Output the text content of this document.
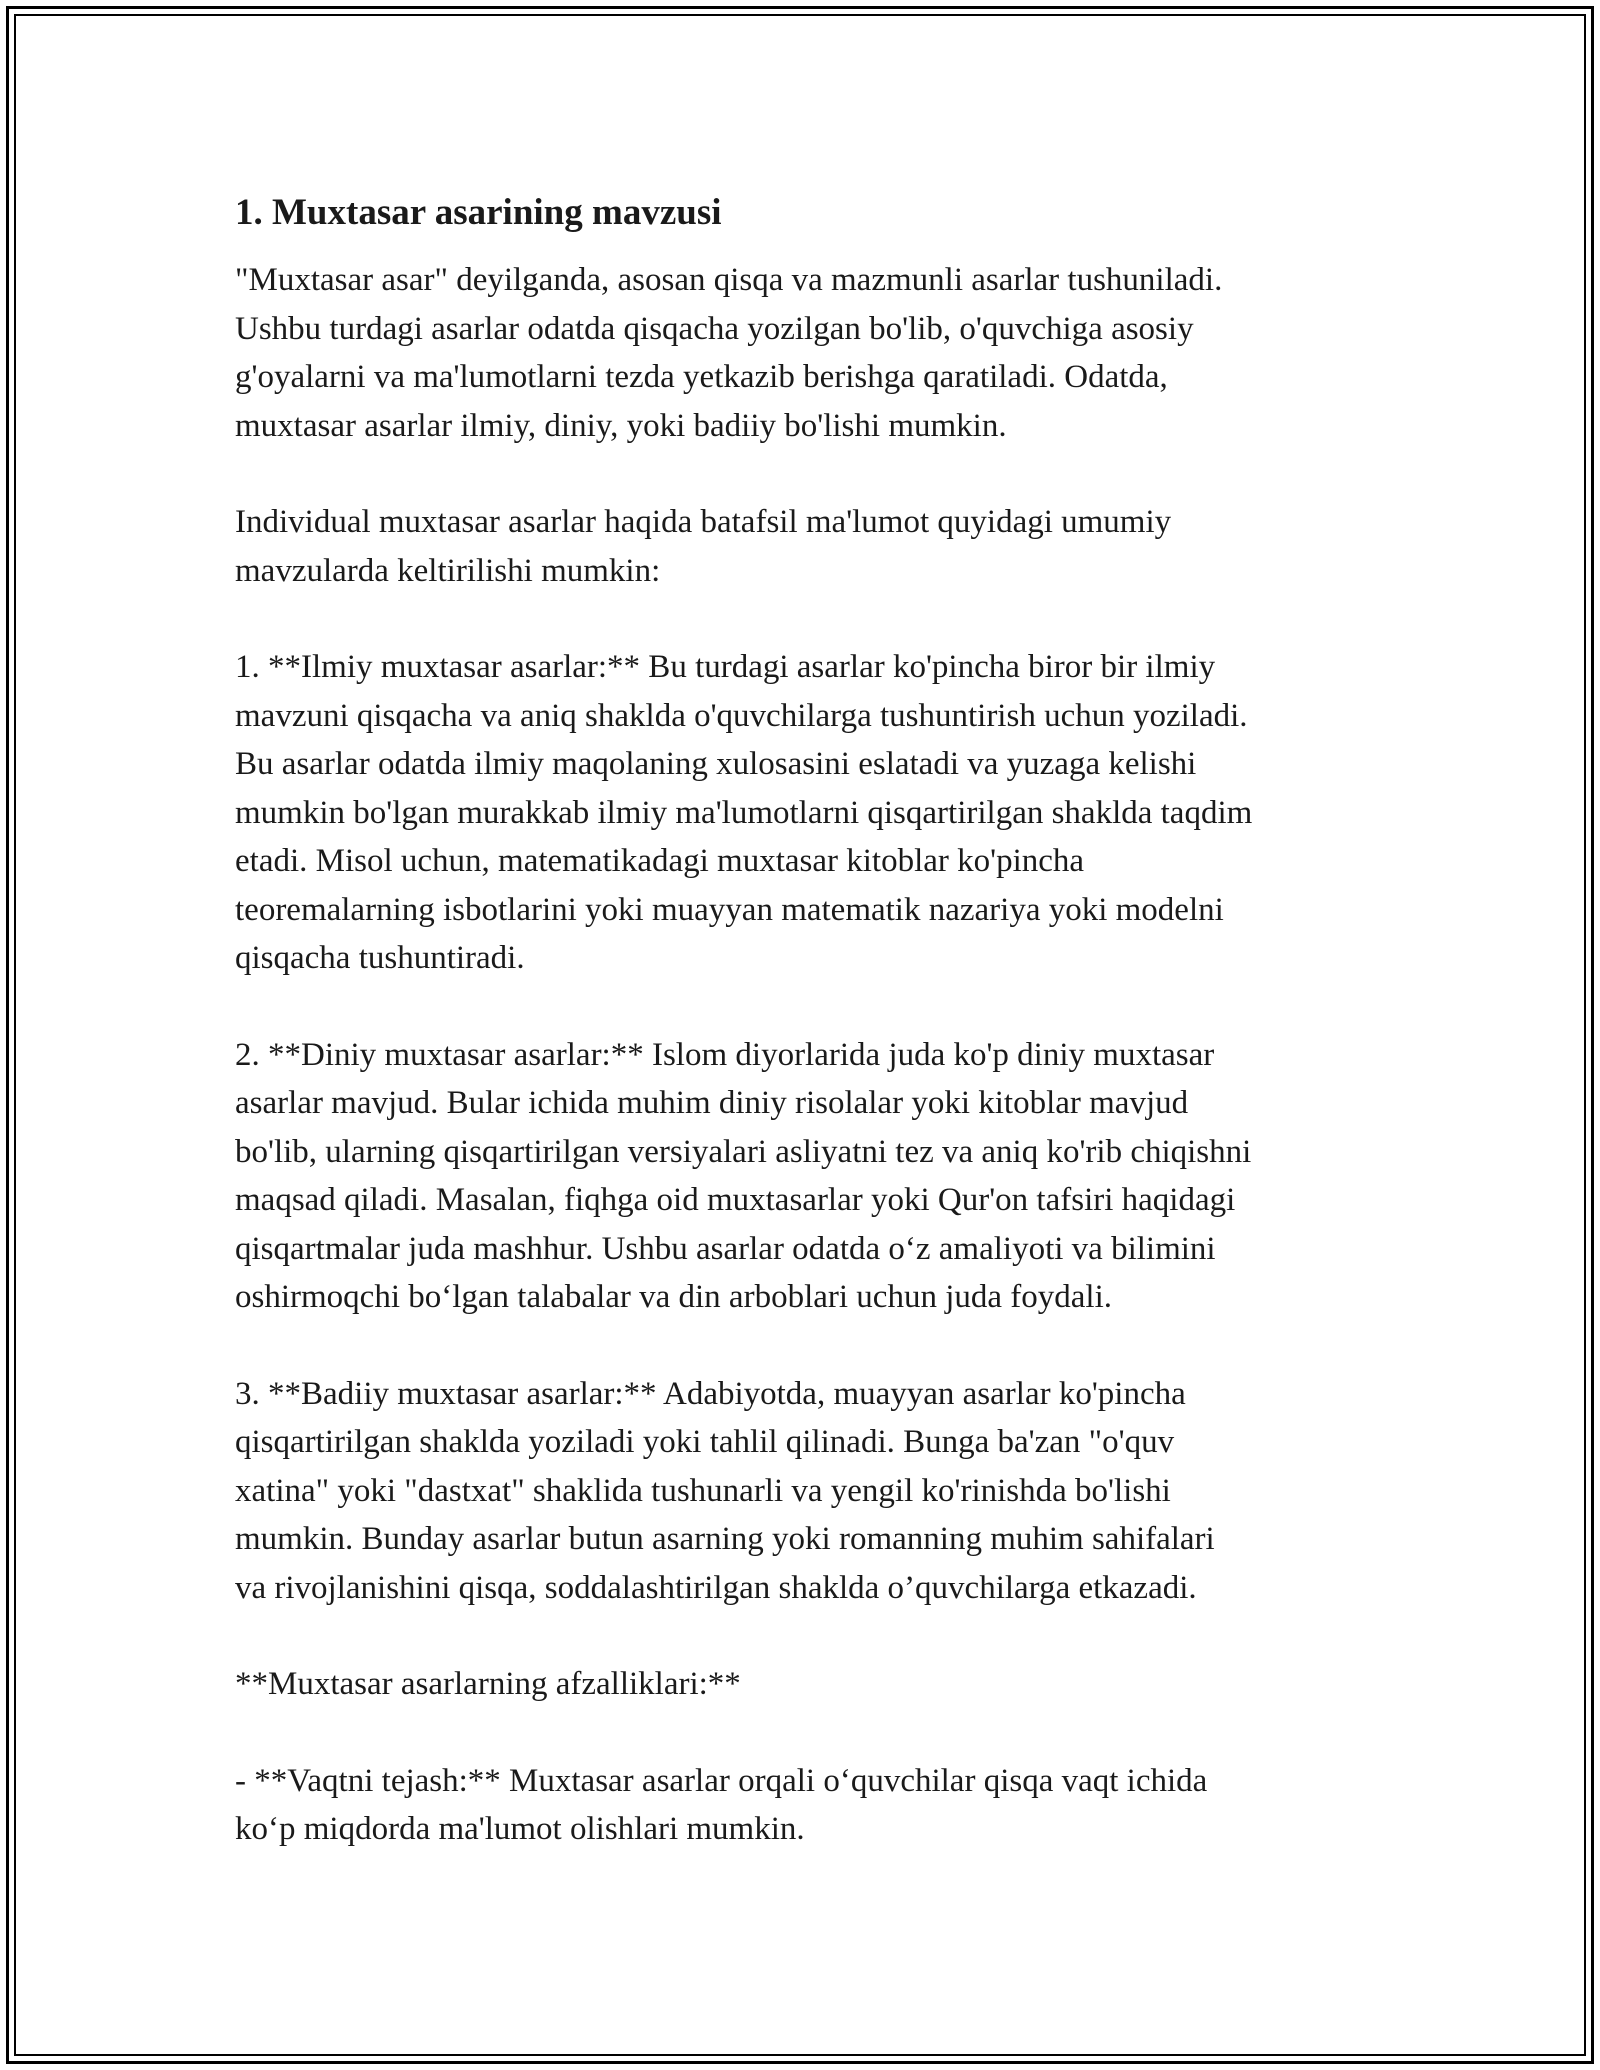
1. Muxtasar asarining mavzusi
"Muxtasar asar" deyilganda, asosan qisqa va mazmunli asarlar tushuniladi.
Ushbu turdagi asarlar odatda qisqacha yozilgan bo'lib, o'quvchiga asosiy
g'oyalarni va ma'lumotlarni tezda yetkazib berishga qaratiladi. Odatda,
muxtasar asarlar ilmiy, diniy, yoki badiiy bo'lishi mumkin.
Individual muxtasar asarlar haqida batafsil ma'lumot quyidagi umumiy
mavzularda keltirilishi mumkin:
1. **Ilmiy muxtasar asarlar:** Bu turdagi asarlar ko'pincha biror bir ilmiy
mavzuni qisqacha va aniq shaklda o'quvchilarga tushuntirish uchun yoziladi.
Bu asarlar odatda ilmiy maqolaning xulosasini eslatadi va yuzaga kelishi
mumkin bo'lgan murakkab ilmiy ma'lumotlarni qisqartirilgan shaklda taqdim
etadi. Misol uchun, matematikadagi muxtasar kitoblar ko'pincha
teoremalarning isbotlarini yoki muayyan matematik nazariya yoki modelni
qisqacha tushuntiradi.
2. **Diniy muxtasar asarlar:** Islom diyorlarida juda ko'p diniy muxtasar
asarlar mavjud. Bular ichida muhim diniy risolalar yoki kitoblar mavjud
bo'lib, ularning qisqartirilgan versiyalari asliyatni tez va aniq ko'rib chiqishni
maqsad qiladi. Masalan, fiqhga oid muxtasarlar yoki Qur'on tafsiri haqidagi
qisqartmalar juda mashhur. Ushbu asarlar odatda o‘z amaliyoti va bilimini
oshirmoqchi bo‘lgan talabalar va din arboblari uchun juda foydali.
3. **Badiiy muxtasar asarlar:** Adabiyotda, muayyan asarlar ko'pincha
qisqartirilgan shaklda yoziladi yoki tahlil qilinadi. Bunga ba'zan "o'quv
xatina" yoki "dastxat" shaklida tushunarli va yengil ko'rinishda bo'lishi
mumkin. Bunday asarlar butun asarning yoki romanning muhim sahifalari
va rivojlanishini qisqa, soddalashtirilgan shaklda o’quvchilarga etkazadi.
**Muxtasar asarlarning afzalliklari:**
- **Vaqtni tejash:** Muxtasar asarlar orqali o‘quvchilar qisqa vaqt ichida
ko‘p miqdorda ma'lumot olishlari mumkin.
